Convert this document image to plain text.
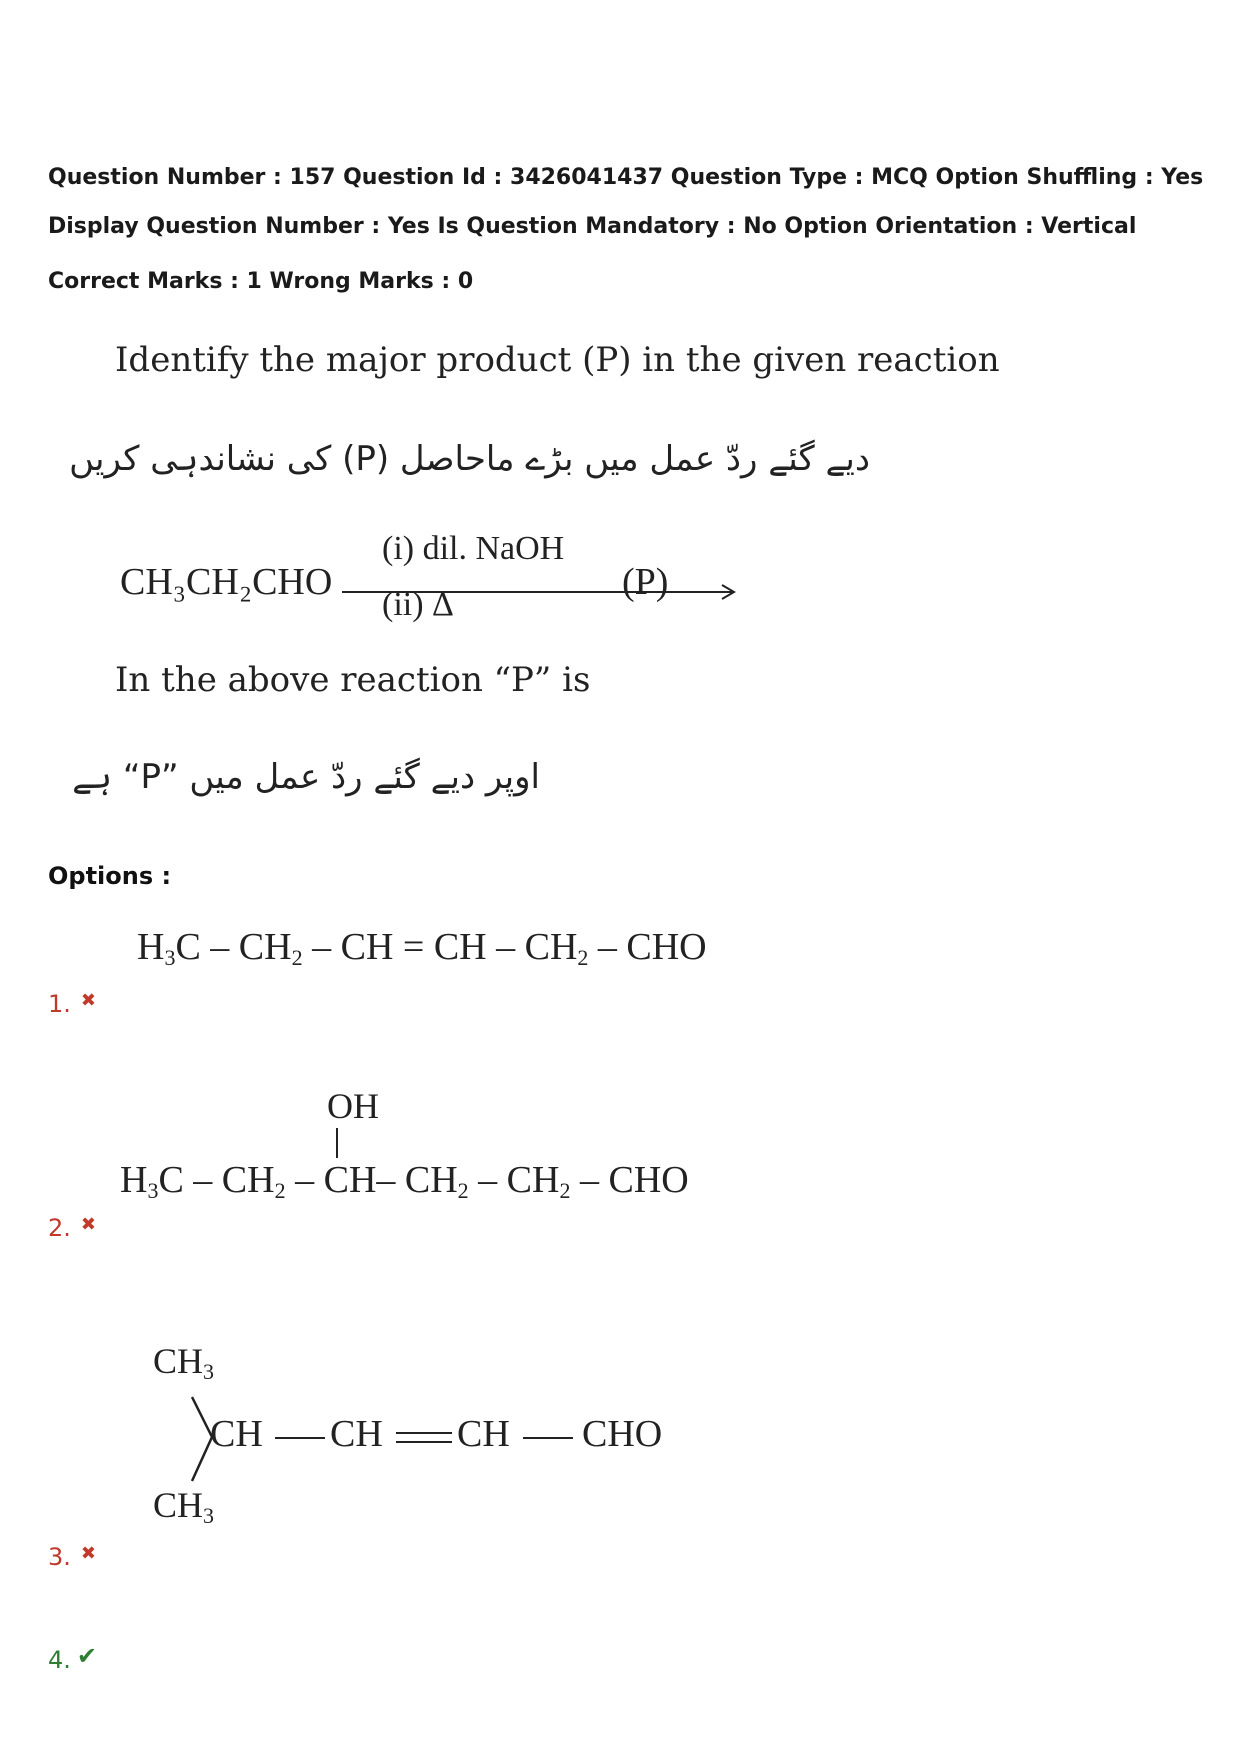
Question Number : 157 Question Id : 3426041437 Question Type : MCQ Option Shuffling : Yes
Display Question Number : Yes Is Question Mandatory : No Option Orientation : Vertical
Correct Marks : 1 Wrong Marks : 0
Identify the major product (P) in the given reaction
دیے گئے ردّ عمل میں بڑے ماحاصل (P) کی نشاندہی کریں
CH₃CH₂CHO
(i) dil. NaOH
(ii) Δ
(P)
In the above reaction “P” is
اوپر دیے گئے ردّ عمل میں ”P“ ہے
Options :
$H_3C - CH_2$ – CH = CH – $CH_2$ – CHO
1. ✖
OH
$H_3C - CH_2 - CH-$ $CH_2 - CH_2$ – CHO
2. ✖
$CH_3$
CH CH CH CHO
$CH_3$
3. ✖
4. ✔
